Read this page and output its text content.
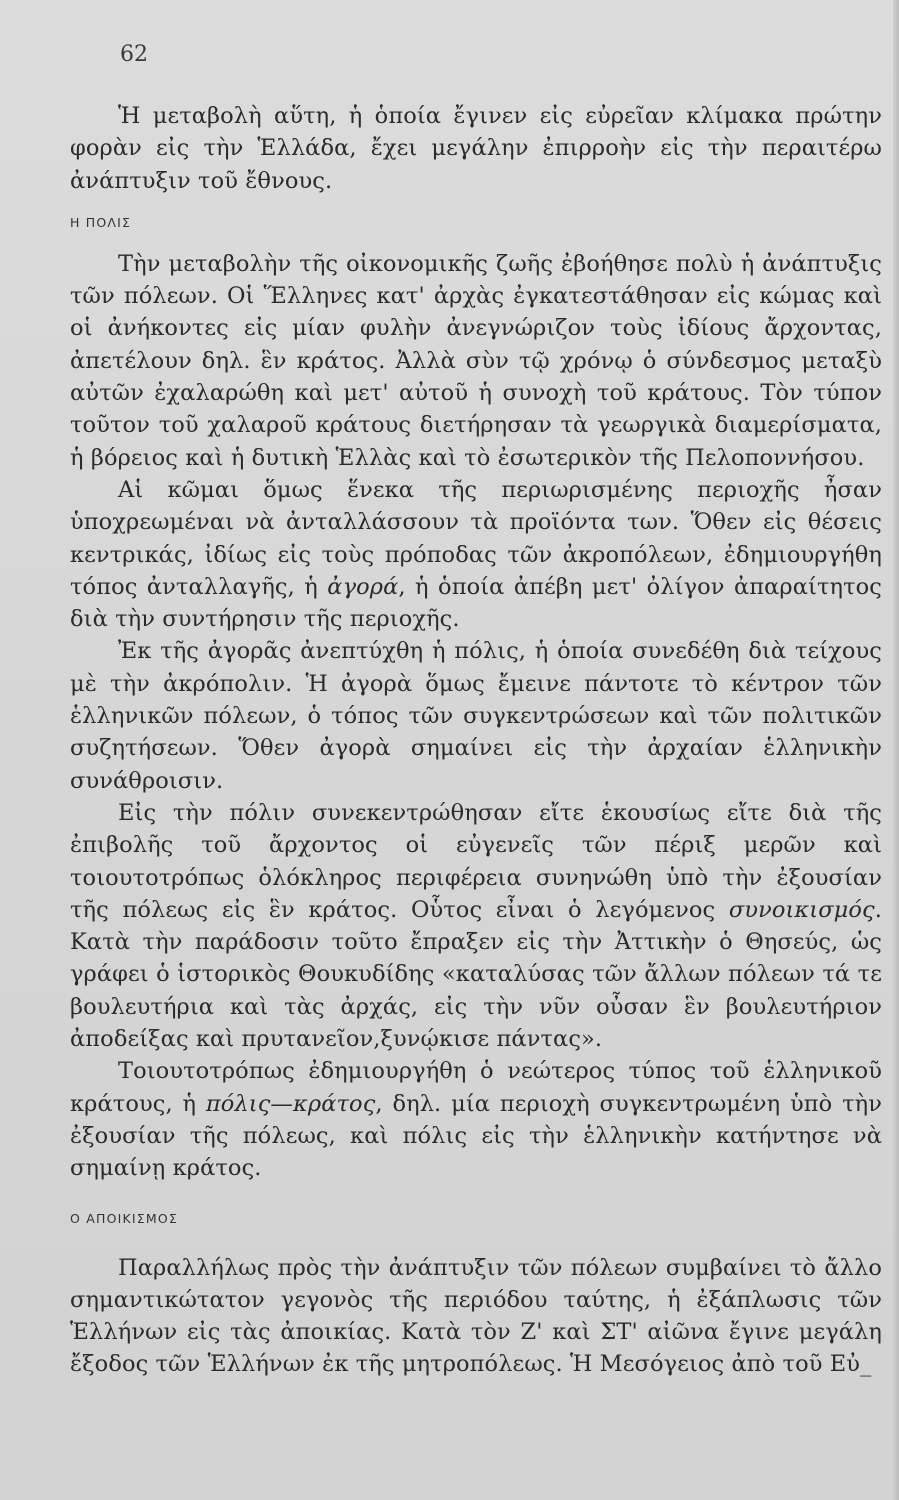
62

Ἡ μεταβολὴ αὕτη, ἡ ὁποία ἔγινεν εἰς εὐρεῖαν κλίμακα πρώτην φορὰν εἰς τὴν Ἑλλάδα, ἔχει μεγάλην ἐπιρροὴν εἰς τὴν περαιτέρω ἀνάπτυξιν τοῦ ἔθνους.

Η ΠΟΛΙΣ

Τὴν μεταβολὴν τῆς οἰκονομικῆς ζωῆς ἐβοήθησε πολὺ ἡ ἀνάπτυξις τῶν πόλεων. Οἱ Ἕλληνες κατ' ἀρχὰς ἐγκατεστάθησαν εἰς κώμας καὶ οἱ ἀνήκοντες εἰς μίαν φυλὴν ἀνεγνώριζον τοὺς ἰδίους ἄρχοντας, ἀπετέλουν δηλ. ἓν κράτος. Ἀλλὰ σὺν τῷ χρόνῳ ὁ σύνδεσμος μεταξὺ αὐτῶν ἐχαλαρώθη καὶ μετ' αὐτοῦ ἡ συνοχὴ τοῦ κράτους. Τὸν τύπον τοῦτον τοῦ χαλαροῦ κράτους διετήρησαν τὰ γεωργικὰ διαμερίσματα, ἡ βόρειος καὶ ἡ δυτικὴ Ἑλλὰς καὶ τὸ ἐσωτερικὸν τῆς Πελοποννήσου.

Αἱ κῶμαι ὅμως ἕνεκα τῆς περιωρισμένης περιοχῆς ἦσαν ὑποχρεωμέναι νὰ ἀνταλλάσσουν τὰ προϊόντα των. Ὅθεν εἰς θέσεις κεντρικάς, ἰδίως εἰς τοὺς πρόποδας τῶν ἀκροπόλεων, ἐδημιουργήθη τόπος ἀνταλλαγῆς, ἡ ἀγορά, ἡ ὁποία ἀπέβη μετ' ὀλίγον ἀπαραίτητος διὰ τὴν συντήρησιν τῆς περιοχῆς.

Ἐκ τῆς ἀγορᾶς ἀνεπτύχθη ἡ πόλις, ἡ ὁποία συνεδέθη διὰ τείχους μὲ τὴν ἀκρόπολιν. Ἡ ἀγορὰ ὅμως ἔμεινε πάντοτε τὸ κέντρον τῶν ἑλληνικῶν πόλεων, ὁ τόπος τῶν συγκεντρώσεων καὶ τῶν πολιτικῶν συζητήσεων. Ὅθεν ἀγορὰ σημαίνει εἰς τὴν ἀρχαίαν ἑλληνικὴν συνάθροισιν.

Εἰς τὴν πόλιν συνεκεντρώθησαν εἴτε ἑκουσίως εἴτε διὰ τῆς ἐπιβολῆς τοῦ ἄρχοντος οἱ εὐγενεῖς τῶν πέριξ μερῶν καὶ τοιουτοτρόπως ὁλόκληρος περιφέρεια συνηνώθη ὑπὸ τὴν ἐξουσίαν τῆς πόλεως εἰς ἓν κράτος. Οὗτος εἶναι ὁ λεγόμενος συνοικισμός. Κατὰ τὴν παράδοσιν τοῦτο ἔπραξεν εἰς τὴν Ἀττικὴν ὁ Θησεύς, ὡς γράφει ὁ ἱστορικὸς Θουκυδίδης «καταλύσας τῶν ἄλλων πόλεων τά τε βουλευτήρια καὶ τὰς ἀρχάς, εἰς τὴν νῦν οὖσαν ἓν βουλευτήριον ἀποδείξας καὶ πρυτανεῖον,ξυνῴκισε πάντας».

Τοιουτοτρόπως ἐδημιουργήθη ὁ νεώτερος τύπος τοῦ ἑλληνικοῦ κράτους, ἡ πόλις—κράτος, δηλ. μία περιοχὴ συγκεντρωμένη ὑπὸ τὴν ἐξουσίαν τῆς πόλεως, καὶ πόλις εἰς τὴν ἑλληνικὴν κατήντησε νὰ σημαίνῃ κράτος.

Ο ΑΠΟΙΚΙΣΜΟΣ

Παραλλήλως πρὸς τὴν ἀνάπτυξιν τῶν πόλεων συμβαίνει τὸ ἄλλο σημαντικώτατον γεγονὸς τῆς περιόδου ταύτης, ἡ ἐξάπλωσις τῶν Ἑλλήνων εἰς τὰς ἀποικίας. Κατὰ τὸν Ζ' καὶ ΣΤ' αἰῶνα ἔγινε μεγάλη ἔξοδος τῶν Ἑλλήνων ἐκ τῆς μητροπόλεως. Ἡ Μεσόγειος ἀπὸ τοῦ Εὐ_
